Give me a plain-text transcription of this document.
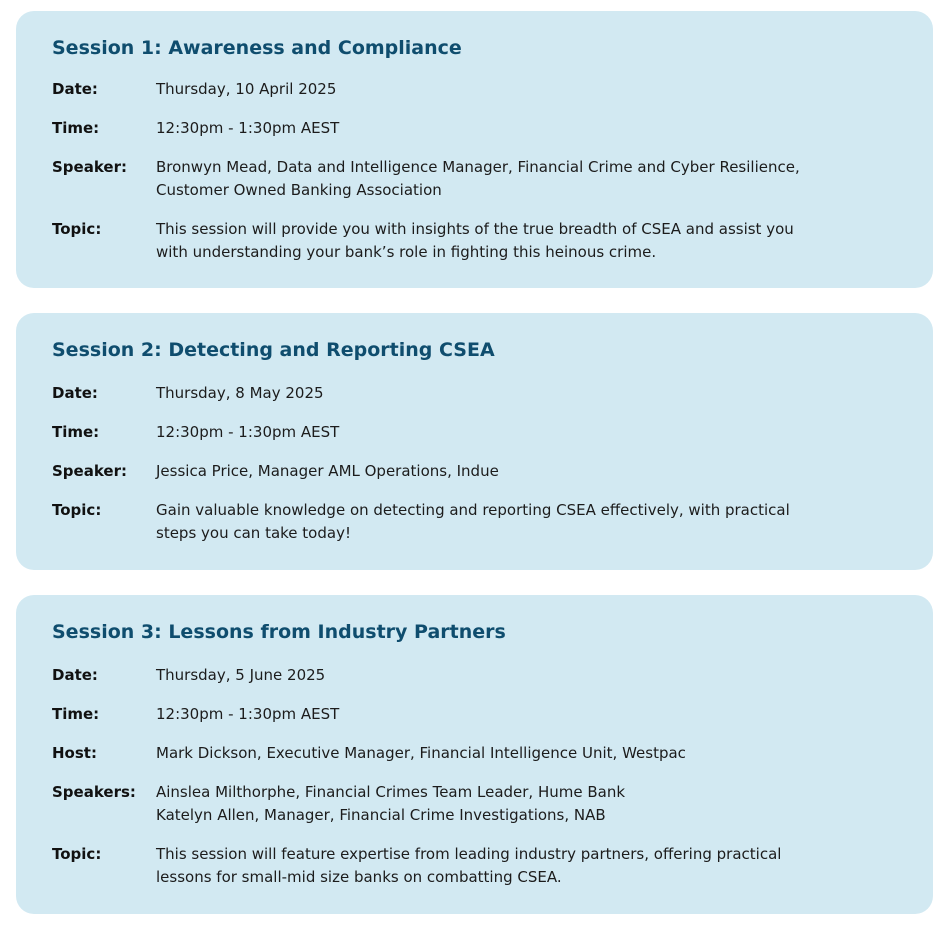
Session 1: Awareness and Compliance
Date:	Thursday, 10 April 2025
Time:	12:30pm - 1:30pm AEST
Speaker:	Bronwyn Mead, Data and Intelligence Manager, Financial Crime and Cyber Resilience,
Customer Owned Banking Association
Topic:	This session will provide you with insights of the true breadth of CSEA and assist you
with understanding your bank’s role in fighting this heinous crime.
Session 2: Detecting and Reporting CSEA
Date:	Thursday, 8 May 2025
Time:	12:30pm - 1:30pm AEST
Speaker:	Jessica Price, Manager AML Operations, Indue
Topic:	Gain valuable knowledge on detecting and reporting CSEA effectively, with practical
steps you can take today!
Session 3: Lessons from Industry Partners
Date:	Thursday, 5 June 2025
Time:	12:30pm - 1:30pm AEST
Host:	Mark Dickson, Executive Manager, Financial Intelligence Unit, Westpac
Speakers:	Ainslea Milthorphe, Financial Crimes Team Leader, Hume Bank
Katelyn Allen, Manager, Financial Crime Investigations, NAB
Topic:	This session will feature expertise from leading industry partners, offering practical
lessons for small-mid size banks on combatting CSEA.
